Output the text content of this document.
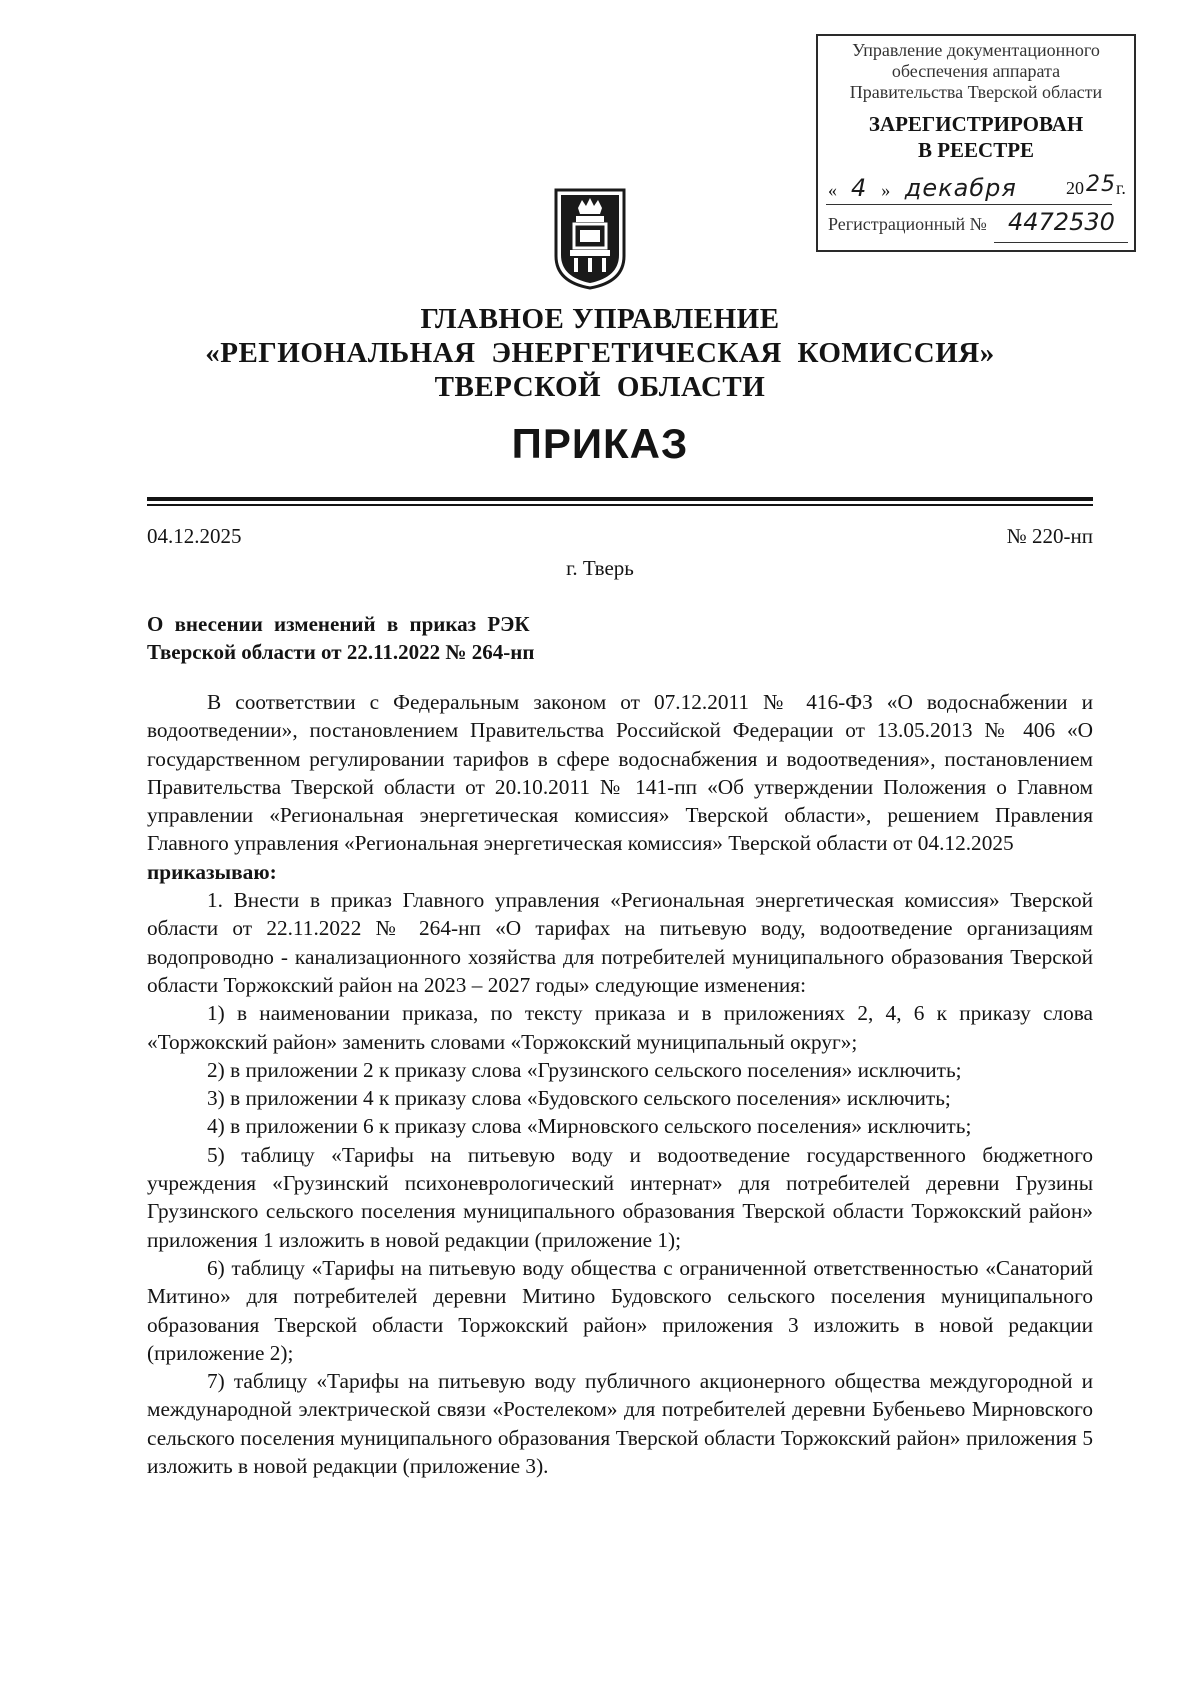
Управление документационного
обеспечения аппарата
Правительства Тверской области
ЗАРЕГИСТРИРОВАН
В РЕЕСТРЕ
« 4 » декабря	20 25 г.
Регистрационный № 4472530
ГЛАВНОЕ УПРАВЛЕНИЕ
«РЕГИОНАЛЬНАЯ ЭНЕРГЕТИЧЕСКАЯ КОМИССИЯ»
ТВЕРСКОЙ ОБЛАСТИ
ПРИКАЗ
04.12.2025	№ 220-нп
г. Тверь
О внесении изменений в приказ РЭК
Тверской области от 22.11.2022 № 264-нп

В соответствии с Федеральным законом от 07.12.2011 № 416-ФЗ «О водоснабжении и водоотведении», постановлением Правительства Российской Федерации от 13.05.2013 № 406 «О государственном регулировании тарифов в сфере водоснабжения и водоотведения», постановлением Правительства Тверской области от 20.10.2011 № 141-пп «Об утверждении Положения о Главном управлении «Региональная энергетическая комиссия» Тверской области», решением Правления Главного управления «Региональная энергетическая комиссия» Тверской области от 04.12.2025

приказываю:

1. Внести в приказ Главного управления «Региональная энергетическая комиссия» Тверской области от 22.11.2022 № 264-нп «О тарифах на питьевую воду, водоотведение организациям водопроводно - канализационного хозяйства для потребителей муниципального образования Тверской области Торжокский район на 2023 – 2027 годы» следующие изменения:

1) в наименовании приказа, по тексту приказа и в приложениях 2, 4, 6 к приказу слова «Торжокский район» заменить словами «Торжокский муниципальный округ»;

2) в приложении 2 к приказу слова «Грузинского сельского поселения» исключить;

3) в приложении 4 к приказу слова «Будовского сельского поселения» исключить;

4) в приложении 6 к приказу слова «Мирновского сельского поселения» исключить;

5) таблицу «Тарифы на питьевую воду и водоотведение государственного бюджетного учреждения «Грузинский психоневрологический интернат» для потребителей деревни Грузины Грузинского сельского поселения муниципального образования Тверской области Торжокский район» приложения 1 изложить в новой редакции (приложение 1);

6) таблицу «Тарифы на питьевую воду общества с ограниченной ответственностью «Санаторий Митино» для потребителей деревни Митино Будовского сельского поселения муниципального образования Тверской области Торжокский район» приложения 3 изложить в новой редакции (приложение 2);

7) таблицу «Тарифы на питьевую воду публичного акционерного общества междугородной и международной электрической связи «Ростелеком» для потребителей деревни Бубеньево Мирновского сельского поселения муниципального образования Тверской области Торжокский район» приложения 5 изложить в новой редакции (приложение 3).
